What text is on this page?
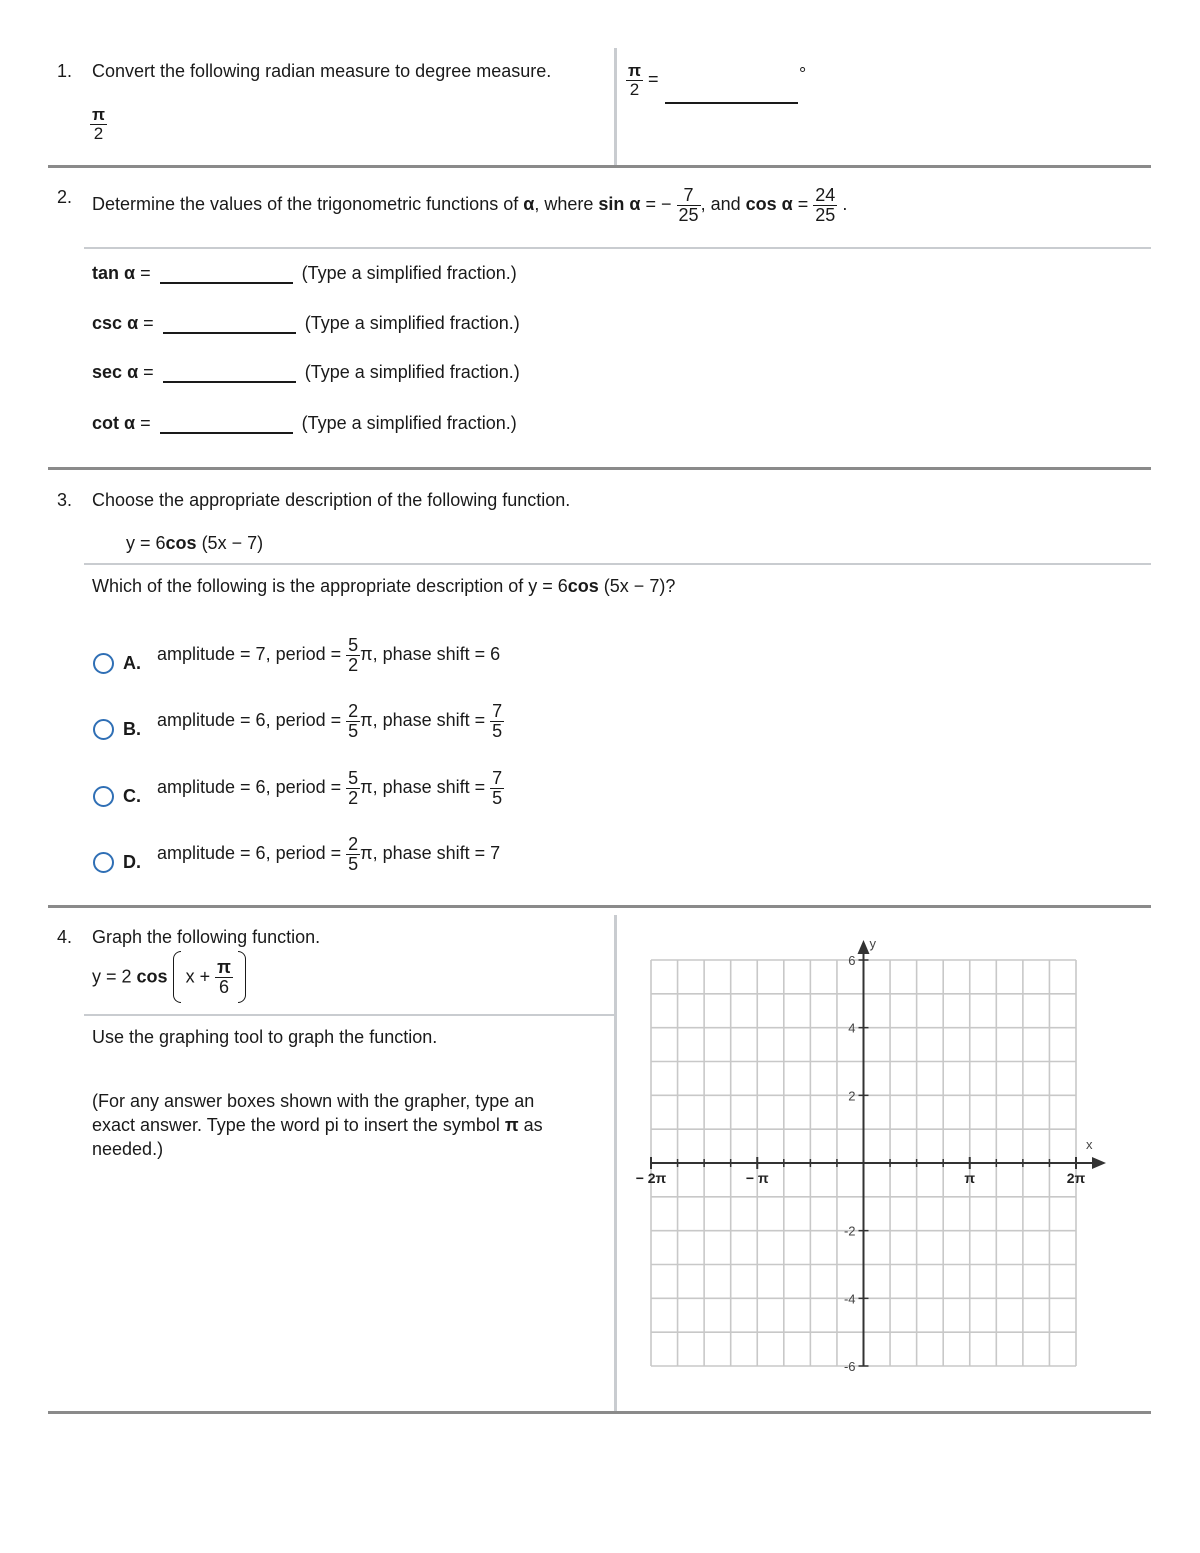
1. Convert the following radian measure to degree measure.
$\frac{\pi}{2}$
$\frac{\pi}{2}$ =	°
2. Determine the values of the trigonometric functions of α, where sin α = − $\frac{7}{25}$ , and $\cos \alpha = \frac{24}{25}$ .
tan α =	(Type a simplified fraction.)
csc α =	(Type a simplified fraction.)
sec α =	(Type a simplified fraction.)
cot α =	(Type a simplified fraction.)
3. Choose the appropriate description of the following function.
y = 6cos (5x − 7)
Which of the following is the appropriate description of y = 6cos (5x − 7)?
A. amplitude = 7, period = $\frac{5}{2} \pi$, phase shift = 6
B. amplitude = 6, period = $\frac{2}{5} \pi$, phase shift = $\frac{7}{5}$
C. amplitude = 6, period = $\frac{5}{2} \pi$, phase shift = $\frac{7}{5}$
D. amplitude = 6, period = $\frac{2}{5} \pi$, phase shift = 7
4. Graph the following function.
y = 2 $\cos x + \frac{\pi}{6}$

Use the graphing tool to graph the function.
(For any answer boxes shown with the grapher, type an
exact answer. Type the word pi to insert the symbol π as
needed.)	x
y
− 2π	− π	π	2π
6
4
2
-2
-4
-6
